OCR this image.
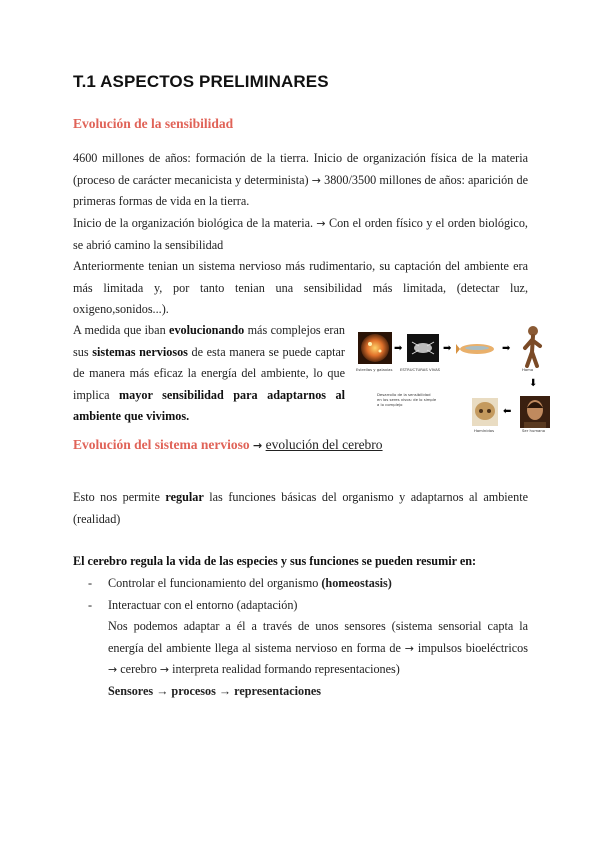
T.1 ASPECTOS PRELIMINARES
Evolución de la sensibilidad

4600 millones de años: formación de la tierra. Inicio de organización física de la materia (proceso de carácter mecanicista y determinista) → 3800/3500 millones de años: aparición de primeras formas de vida en la tierra.

Inicio de la organización biológica de la materia. → Con el orden físico y el orden biológico, se abrió camino la sensibilidad

Anteriormente tenian un sistema nervioso más rudimentario, su captación del ambiente era más limitada y, por tanto tenian una sensibilidad más limitada, (detectar luz, oxigeno,sonidos...).

A medida que iban evolucionando más complejos eran sus sistemas nerviosos de esta manera se puede captar de manera más eficaz la energía del ambiente, lo que implica mayor sensibilidad para adaptarnos al ambiente que vivimos.

Estrellas y galaxias
➡
ESTRUCTURAS VIVAS
➡	➡
Homo
⬇
Desarrollo de la sensibilidad
en los seres vivos: de lo simple
a lo complejo
Homínidos
⬅
Ser humano
Evolución del sistema nervioso → evolución del cerebro

Esto nos permite regular las funciones básicas del organismo y adaptarnos al ambiente (realidad)

El cerebro regula la vida de las especies y sus funciones se pueden resumir en:

- Controlar el funcionamiento del organismo (homeostasis)
- Interactuar con el entorno (adaptación)

Nos podemos adaptar a él a través de unos sensores (sistema sensorial capta la energía del ambiente llega al sistema nervioso en forma de → impulsos bioeléctricos → cerebro → interpreta realidad formando representaciones)
Sensores → procesos → representaciones
